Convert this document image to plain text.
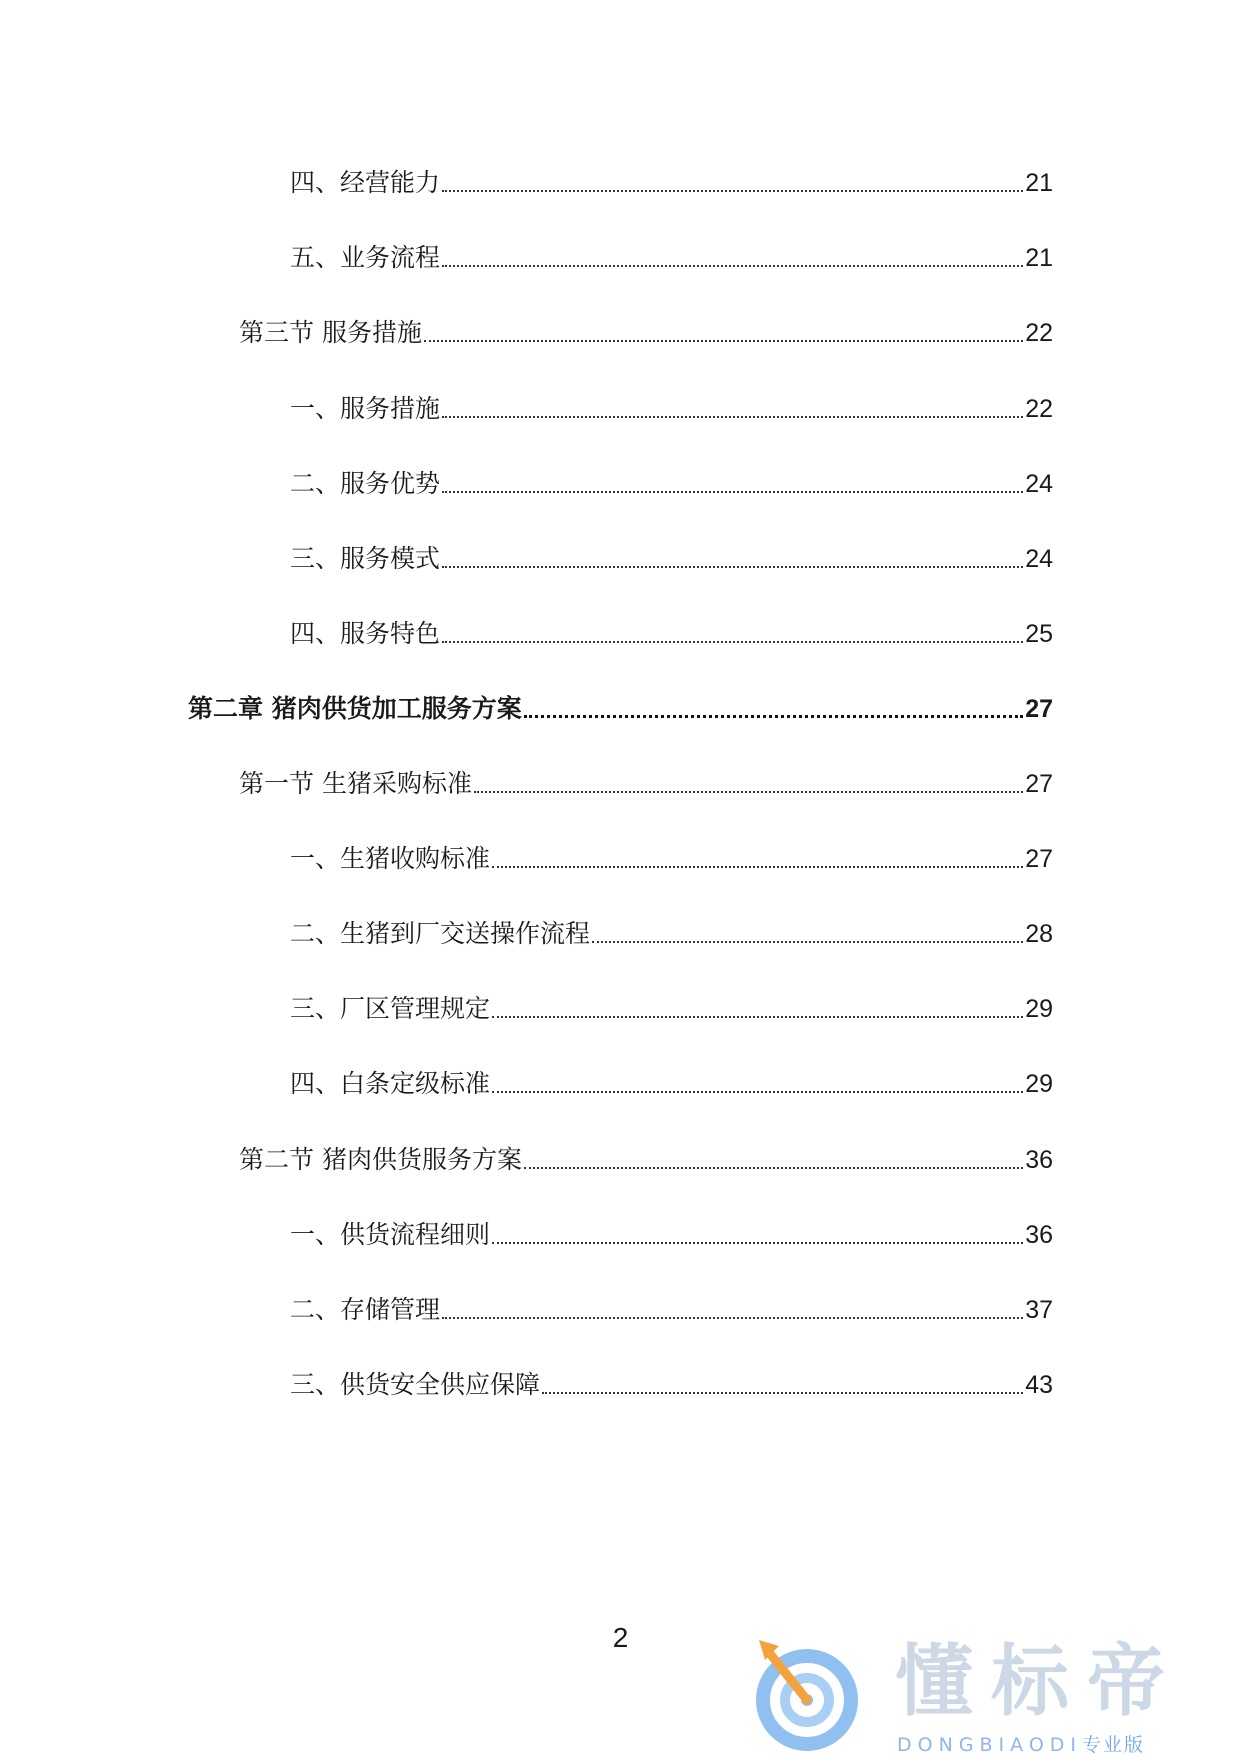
四、经营能力	21
五、业务流程	21
第三节 服务措施	22
一、服务措施	22
二、服务优势	24
三、服务模式	24
四、服务特色	25
第二章 猪肉供货加工服务方案	27
第一节 生猪采购标准	27
一、生猪收购标准	27
二、生猪到厂交送操作流程	28
三、厂区管理规定	29
四、白条定级标准	29
第二节 猪肉供货服务方案	36
一、供货流程细则	36
二、存储管理	37
三、供货安全供应保障	43
2	懂标帝
DONGBIAODI专业版
